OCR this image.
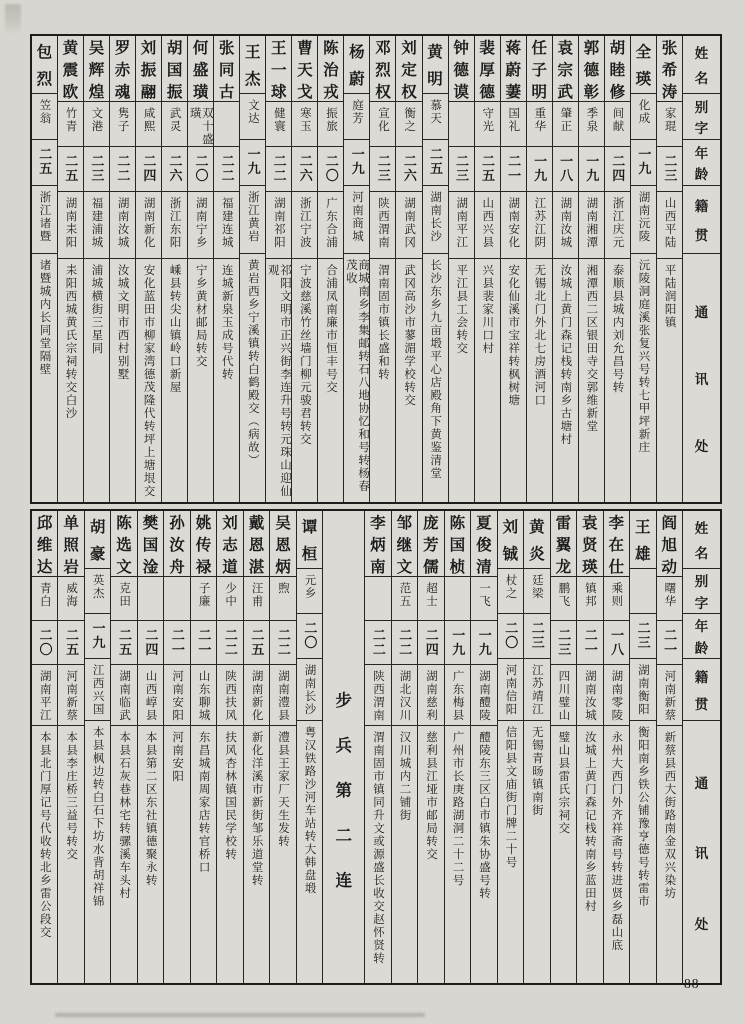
姓
名
别
字
年
龄
籍
贯
通
讯
处
张
希
涛
家琨
二三
山西平陆
平陆润阳镇
全
瑛
化成
一九
湖南沅陵
沅陵洞庭溪张复兴号转七甲坪新庄
胡
睦
修
间献
二四
浙江庆元
泰顺县城内刘允昌号转
郭
德
彰
季泉
一九
湖南湘潭
湘潭西二区银田寺交郭维新堂
袁
宗
武
肇正
一八
湖南汝城
汝城上黄门森记栈转南乡古塘村
任
子
明
重华
一九
江苏江阴
无锡北门外北七房酒河口
蒋
蔚
萋
国礼
二一
湖南安化
安化仙溪市宝祥转枫树塘
裴
厚
德
守光
二五
山西兴县
兴县裴家川口村
钟
德
谟
二三
湖南平江
平江县工会转交
黄
明
慕天
二五
湖南长沙
长沙东乡九亩塅平心店殿角下黄鉴清堂
刘
定
权
衡之
二六
湖南武冈
武冈高沙市蓼湄学校转交
邓
烈
权
宣化
二三
陕西渭南
渭南固市镇长盛和转
杨
蔚
庭芳
一九
河南商城
商城南乡李集邮转石八地协忆和号转杨春茂收
陈
治
戎
振旅
二〇
广东合浦
合浦凤南廉市恒丰号交
曹
天
戈
寒玉
二六
浙江宁波
宁波慈溪竹丝墙门柳元骏君转交
王
一
球
健寰
二二
湖南祁阳
祁阳文明市正兴街李连升号转元珠山迎仙观
王
杰
文达
一九
浙江黄岩
黄岩西乡宁溪镇转白鹤殿交（病故）
张
同
古
二二
福建连城
连城新泉玉成号代转
何
盛
璜
双十盛璜
二〇
湖南宁乡
宁乡黄材邮局转交
胡
国
振
武灵
二六
浙江东阳
嵊县转尖山镇岭口新屋
刘
振
翮
咸熙
二四
湖南新化
安化蓝田市柳家湾德茂隆代转坪上塘垠交
罗
赤
魂
隽子
二二
湖南汝城
汝城文明市西村别墅
吴
辉
煌
文港
二三
福建浦城
浦城横街三星同
黄
震
欧
竹青
二五
湖南耒阳
耒阳西城黄氏宗祠转交白沙
包
烈
笠翁
二五
浙江诸暨
诸暨城内长同堂隔壁
姓
名
别
字
年
龄
籍
贯
通
讯
处
阎
旭
动
曙华
二一
河南新蔡
新蔡县西大街路南金双兴染坊
王
雄
二三
湖南衡阳
衡阳南乡铁公铺豫亨德号转雷市
李
在
仕
乘则
一八
湖南零陵
永州大西门外齐祥斋号转进贤乡磊山底
袁
贤
瑛
镇邦
二一
湖南汝城
汝城上黄门森记栈转南乡蓝田村
雷
翼
龙
鹏飞
二三
四川璧山
璧山县雷氏宗祠交
黄
炎
廷梁
二三
江苏靖江
无锡青旸镇南街
刘
铖
杖之
二〇
河南信阳
信阳县文庙街门牌二十号
夏
俊
清
一飞
一九
湖南醴陵
醴陵东三区白市镇朱协盛号转
陈
国
桢
一九
广东梅县
广州市长庚路湖洞二十二号
庞
芳
儒
超士
二四
湖南慈利
慈利县江垭市邮局转交
邹
继
文
范五
二二
湖北汉川
汉川城内二铺街
李
炳
南
二二
陕西渭南
渭南固市镇同升文或源盛长收交赵怀贤转
步
兵
第
二
连
谭
桓
元乡
二〇
湖南长沙
粤汉铁路沙河车站转大韩盘塅
吴
恩
炳
煦
二二
湖南澧县
澧县王家厂天生发转
戴
恩
湛
汪甫
二五
湖南新化
新化洋溪市新街邹乐道堂转
刘
志
道
少中
二二
陕西扶风
扶风杏林镇国民学校转
姚
传
禄
子廉
二一
山东聊城
东昌城南周家店转官桥口
孙
汝
舟
二一
河南安阳
河南安阳
樊
国
淦
二四
山西崞县
本县第二区东社镇德聚永转
陈
选
文
克田
二五
湖南临武
本县石灰巷林宅转骡溪车头村
胡
豪
英杰
一九
江西兴国
本县枫边转白石下坊水背胡祥锦
单
照
岩
威海
二五
河南新蔡
本县李庄桥三益号转交
邱
维
达
青白
二〇
湖南平江
本县北门厚记号代收转北乡雷公段交
88
